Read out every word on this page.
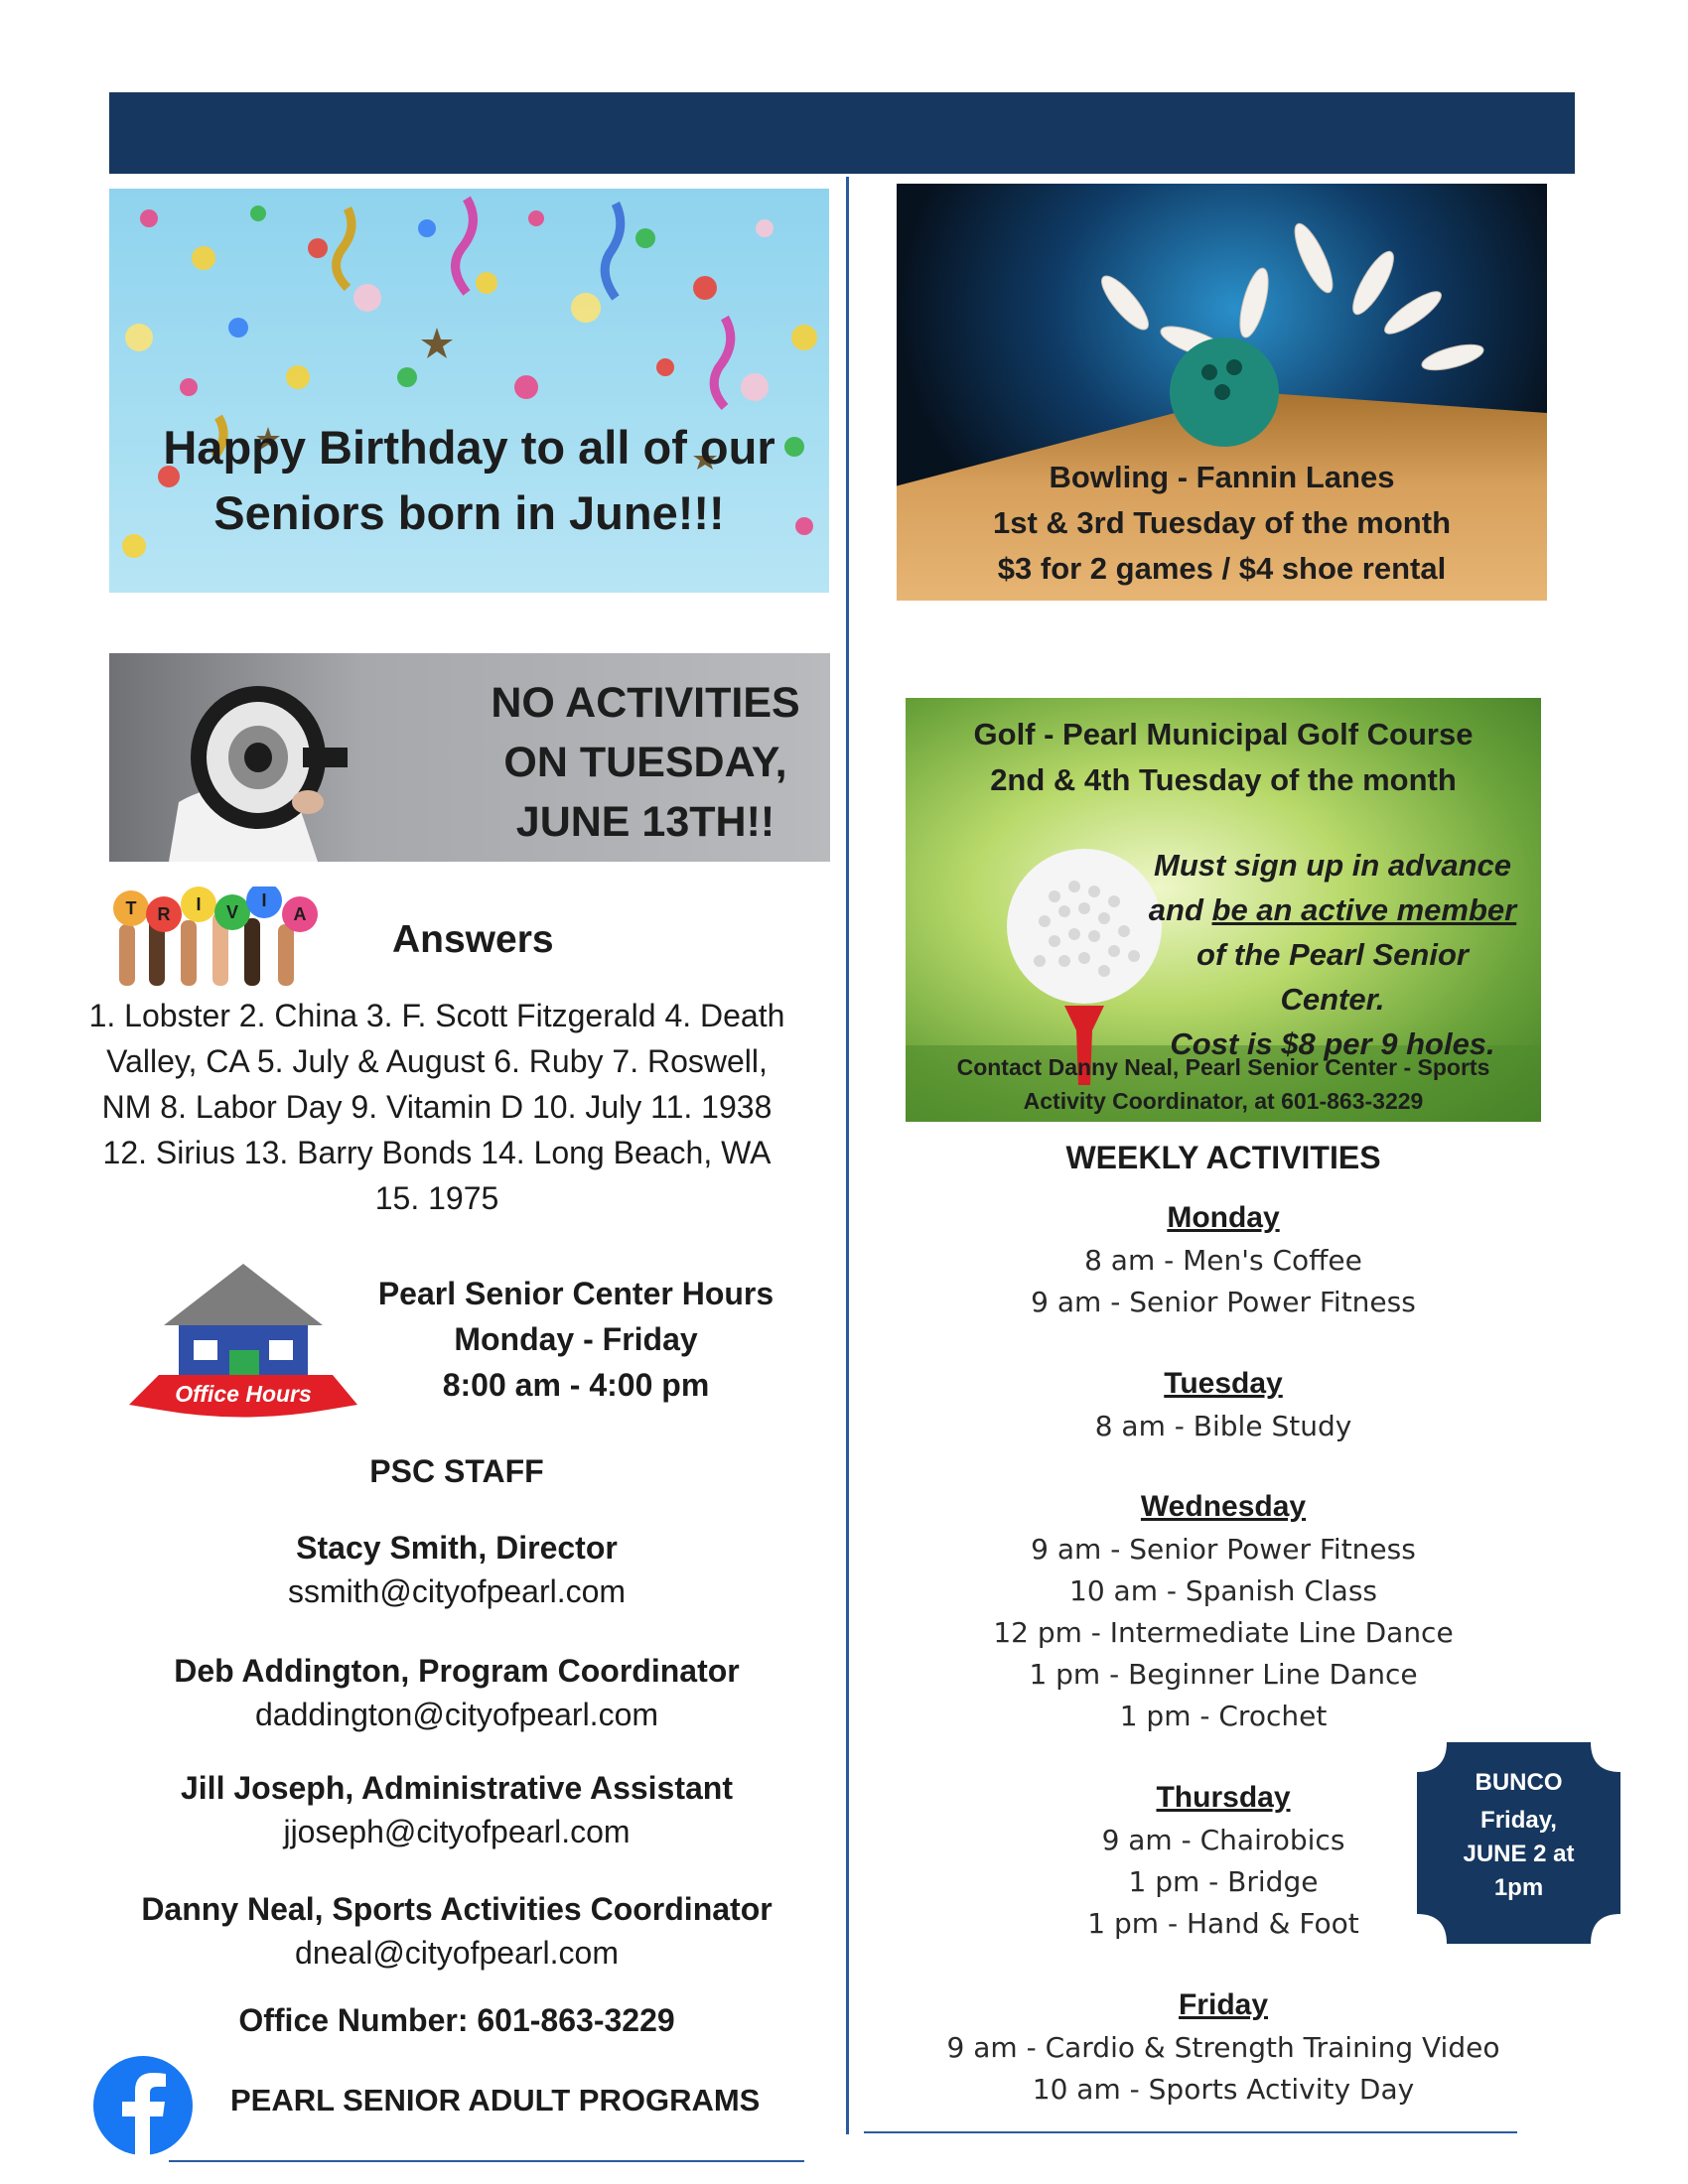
Happy Birthday to all of our Seniors born in June!!!
Bowling - Fannin Lanes
1st & 3rd Tuesday of the month
$3 for 2 games / $4 shoe rental
NO ACTIVITIES
ON TUESDAY,
JUNE 13TH!!
Golf - Pearl Municipal Golf Course
2nd & 4th Tuesday of the month
Must sign up in advance
and be an active member
of the Pearl Senior Center.
Cost is $8 per 9 holes.
Contact Danny Neal, Pearl Senior Center - Sports
Activity Coordinator, at 601-863-3229
T R I V
I
A
Answers
1. Lobster 2. China 3. F. Scott Fitzgerald 4. Death
Valley, CA 5. July & August 6. Ruby 7. Roswell,
NM 8. Labor Day 9. Vitamin D 10. July 11. 1938
12. Sirius 13. Barry Bonds 14. Long Beach, WA
15. 1975
Office Hours
Pearl Senior Center Hours
Monday - Friday
8:00 am - 4:00 pm
PSC STAFF
Stacy Smith, Director
ssmith@cityofpearl.com
Deb Addington, Program Coordinator
daddington@cityofpearl.com
Jill Joseph, Administrative Assistant
jjoseph@cityofpearl.com
Danny Neal, Sports Activities Coordinator
dneal@cityofpearl.com
Office Number: 601-863-3229
PEARL SENIOR ADULT PROGRAMS
WEEKLY ACTIVITIES
Monday
8 am - Men's Coffee
9 am - Senior Power Fitness
Tuesday
8 am - Bible Study
Wednesday
9 am - Senior Power Fitness
10 am - Spanish Class
12 pm - Intermediate Line Dance
1 pm - Beginner Line Dance
1 pm - Crochet
Thursday
9 am - Chairobics
1 pm - Bridge
1 pm - Hand & Foot
Friday
9 am - Cardio & Strength Training Video
10 am - Sports Activity Day
BUNCO
Friday,
JUNE 2 at
1pm
